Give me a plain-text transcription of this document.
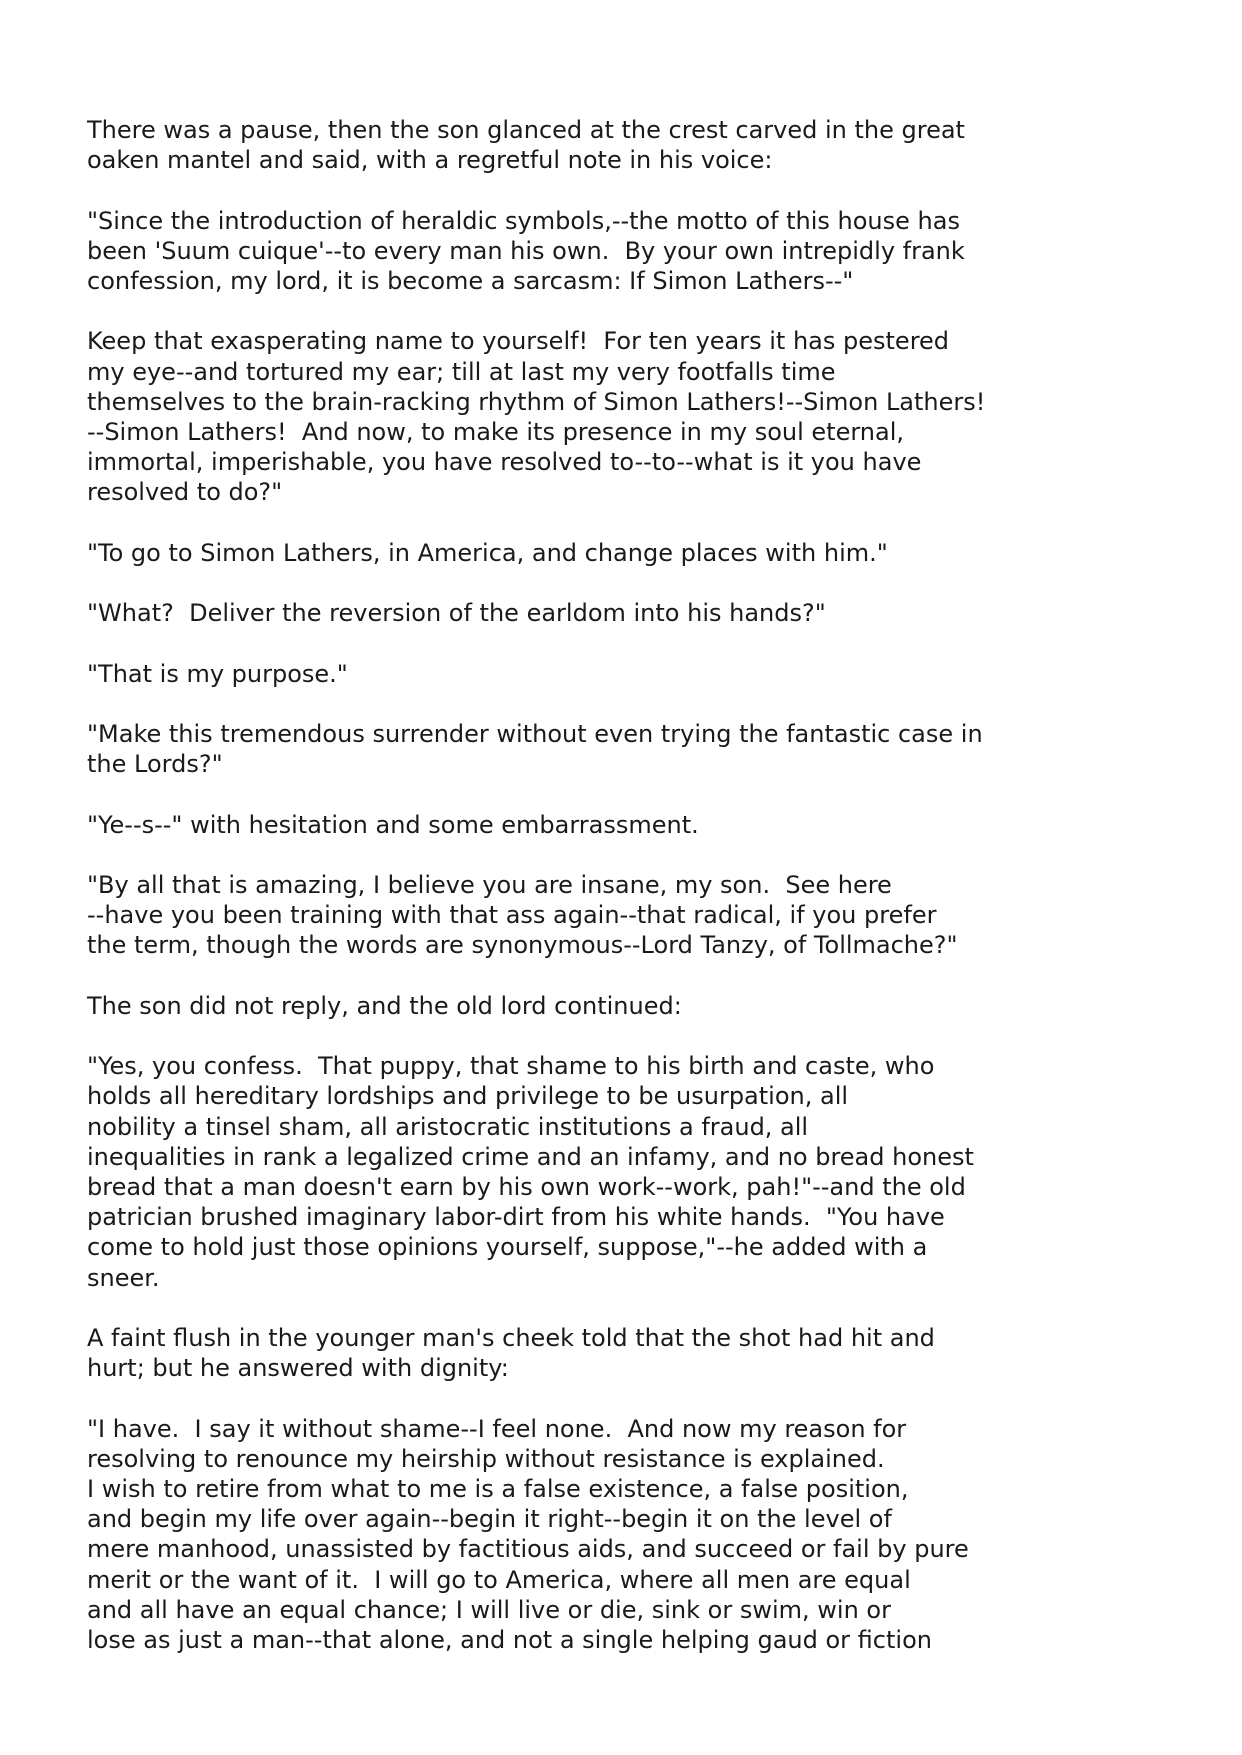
There was a pause, then the son glanced at the crest carved in the great
oaken mantel and said, with a regretful note in his voice:

"Since the introduction of heraldic symbols,--the motto of this house has
been 'Suum cuique'--to every man his own.  By your own intrepidly frank
confession, my lord, it is become a sarcasm: If Simon Lathers--"

Keep that exasperating name to yourself!  For ten years it has pestered
my eye--and tortured my ear; till at last my very footfalls time
themselves to the brain-racking rhythm of Simon Lathers!--Simon Lathers!
--Simon Lathers!  And now, to make its presence in my soul eternal,
immortal, imperishable, you have resolved to--to--what is it you have
resolved to do?"

"To go to Simon Lathers, in America, and change places with him."

"What?  Deliver the reversion of the earldom into his hands?"

"That is my purpose."

"Make this tremendous surrender without even trying the fantastic case in
the Lords?"

"Ye--s--" with hesitation and some embarrassment.

"By all that is amazing, I believe you are insane, my son.  See here
--have you been training with that ass again--that radical, if you prefer
the term, though the words are synonymous--Lord Tanzy, of Tollmache?"

The son did not reply, and the old lord continued:

"Yes, you confess.  That puppy, that shame to his birth and caste, who
holds all hereditary lordships and privilege to be usurpation, all
nobility a tinsel sham, all aristocratic institutions a fraud, all
inequalities in rank a legalized crime and an infamy, and no bread honest
bread that a man doesn't earn by his own work--work, pah!"--and the old
patrician brushed imaginary labor-dirt from his white hands.  "You have
come to hold just those opinions yourself, suppose,"--he added with a
sneer.

A faint flush in the younger man's cheek told that the shot had hit and
hurt; but he answered with dignity:

"I have.  I say it without shame--I feel none.  And now my reason for
resolving to renounce my heirship without resistance is explained.
I wish to retire from what to me is a false existence, a false position,
and begin my life over again--begin it right--begin it on the level of
mere manhood, unassisted by factitious aids, and succeed or fail by pure
merit or the want of it.  I will go to America, where all men are equal
and all have an equal chance; I will live or die, sink or swim, win or
lose as just a man--that alone, and not a single helping gaud or fiction
